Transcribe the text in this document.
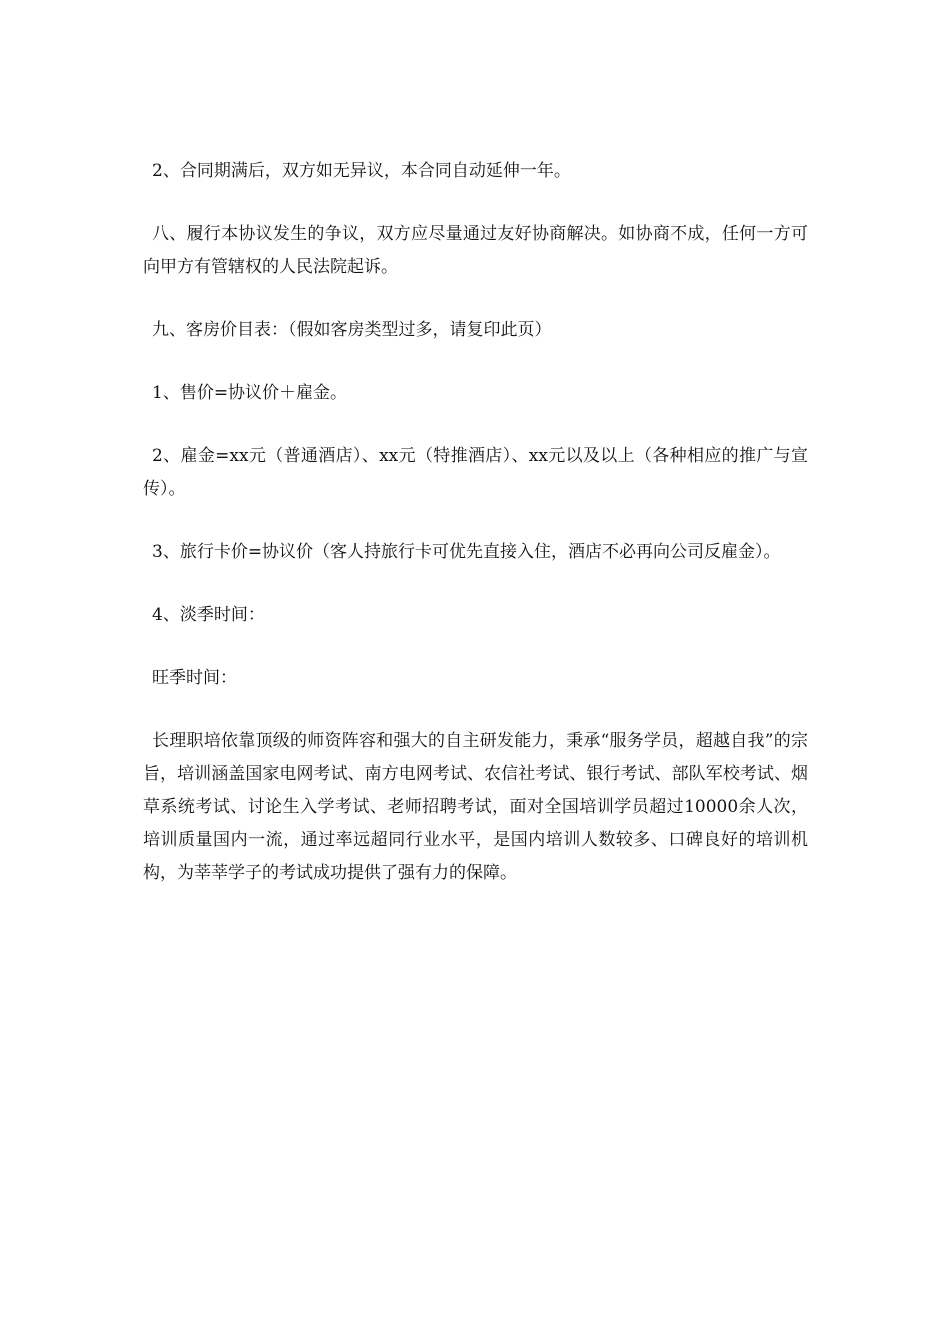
2、合同期满后，双方如无异议，本合同自动延伸一年。

八、履行本协议发生的争议，双方应尽量通过友好协商解决。如协商不成，任何一方可向甲方有管辖权的人民法院起诉。

九、客房价目表：（假如客房类型过多，请复印此页）

1、售价=协议价＋雇金。

2、雇金=xx元（普通酒店）、xx元（特推酒店）、xx元以及以上（各种相应的推广与宣传）。

3、旅行卡价=协议价（客人持旅行卡可优先直接入住，酒店不必再向公司反雇金）。

4、淡季时间：

旺季时间：

长理职培依靠顶级的师资阵容和强大的自主研发能力，秉承“服务学员，超越自我”的宗旨，培训涵盖国家电网考试、南方电网考试、农信社考试、银行考试、部队军校考试、烟草系统考试、讨论生入学考试、老师招聘考试，面对全国培训学员超过10000余人次，培训质量国内一流，通过率远超同行业水平，是国内培训人数较多、口碑良好的培训机构，为莘莘学子的考试成功提供了强有力的保障。
